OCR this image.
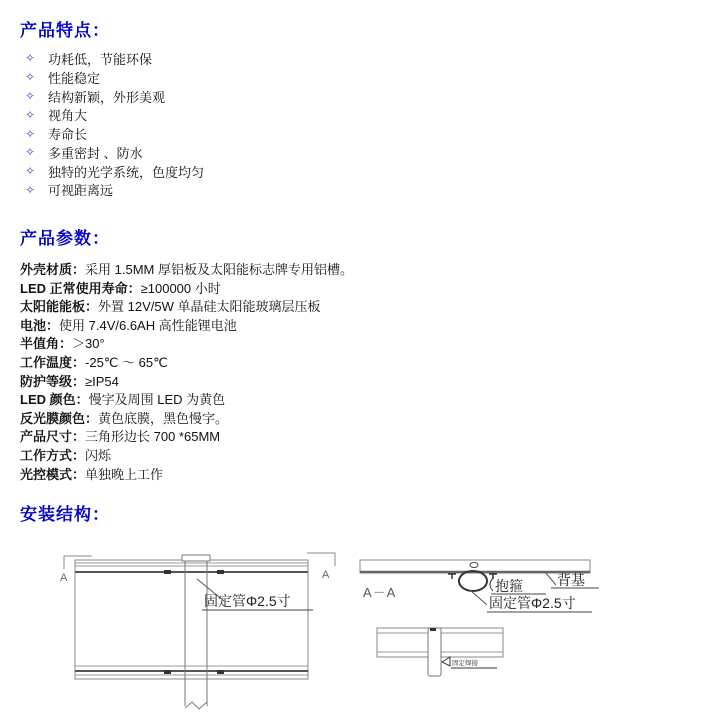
产品特点：
✧ 功耗低，节能环保
✧ 性能稳定
✧ 结构新颖，外形美观
✧ 视角大
✧ 寿命长
✧ 多重密封 、防水
✧ 独特的光学系统，色度均匀
✧ 可视距离远
产品参数：
外壳材质：采用 1.5MM 厚铝板及太阳能标志牌专用铝槽。
LED 正常使用寿命：≥100000 小时
太阳能能板：外置 12V/5W 单晶硅太阳能玻璃层压板
电池：使用 7.4V/6.6AH 高性能锂电池
半值角：＞30°
工作温度：-25℃ ～ 65℃
防护等级：≥IP54
LED 颜色：慢字及周围 LED 为黄色
反光膜颜色：黄色底膜，黑色慢字。
产品尺寸：三角形边长 700 *65MM
工作方式：闪烁
光控模式：单独晚上工作
安装结构：
A	A
固定管Φ2.5寸
A－A	抱箍 背基
固定管Φ2.5寸
固定焊接
